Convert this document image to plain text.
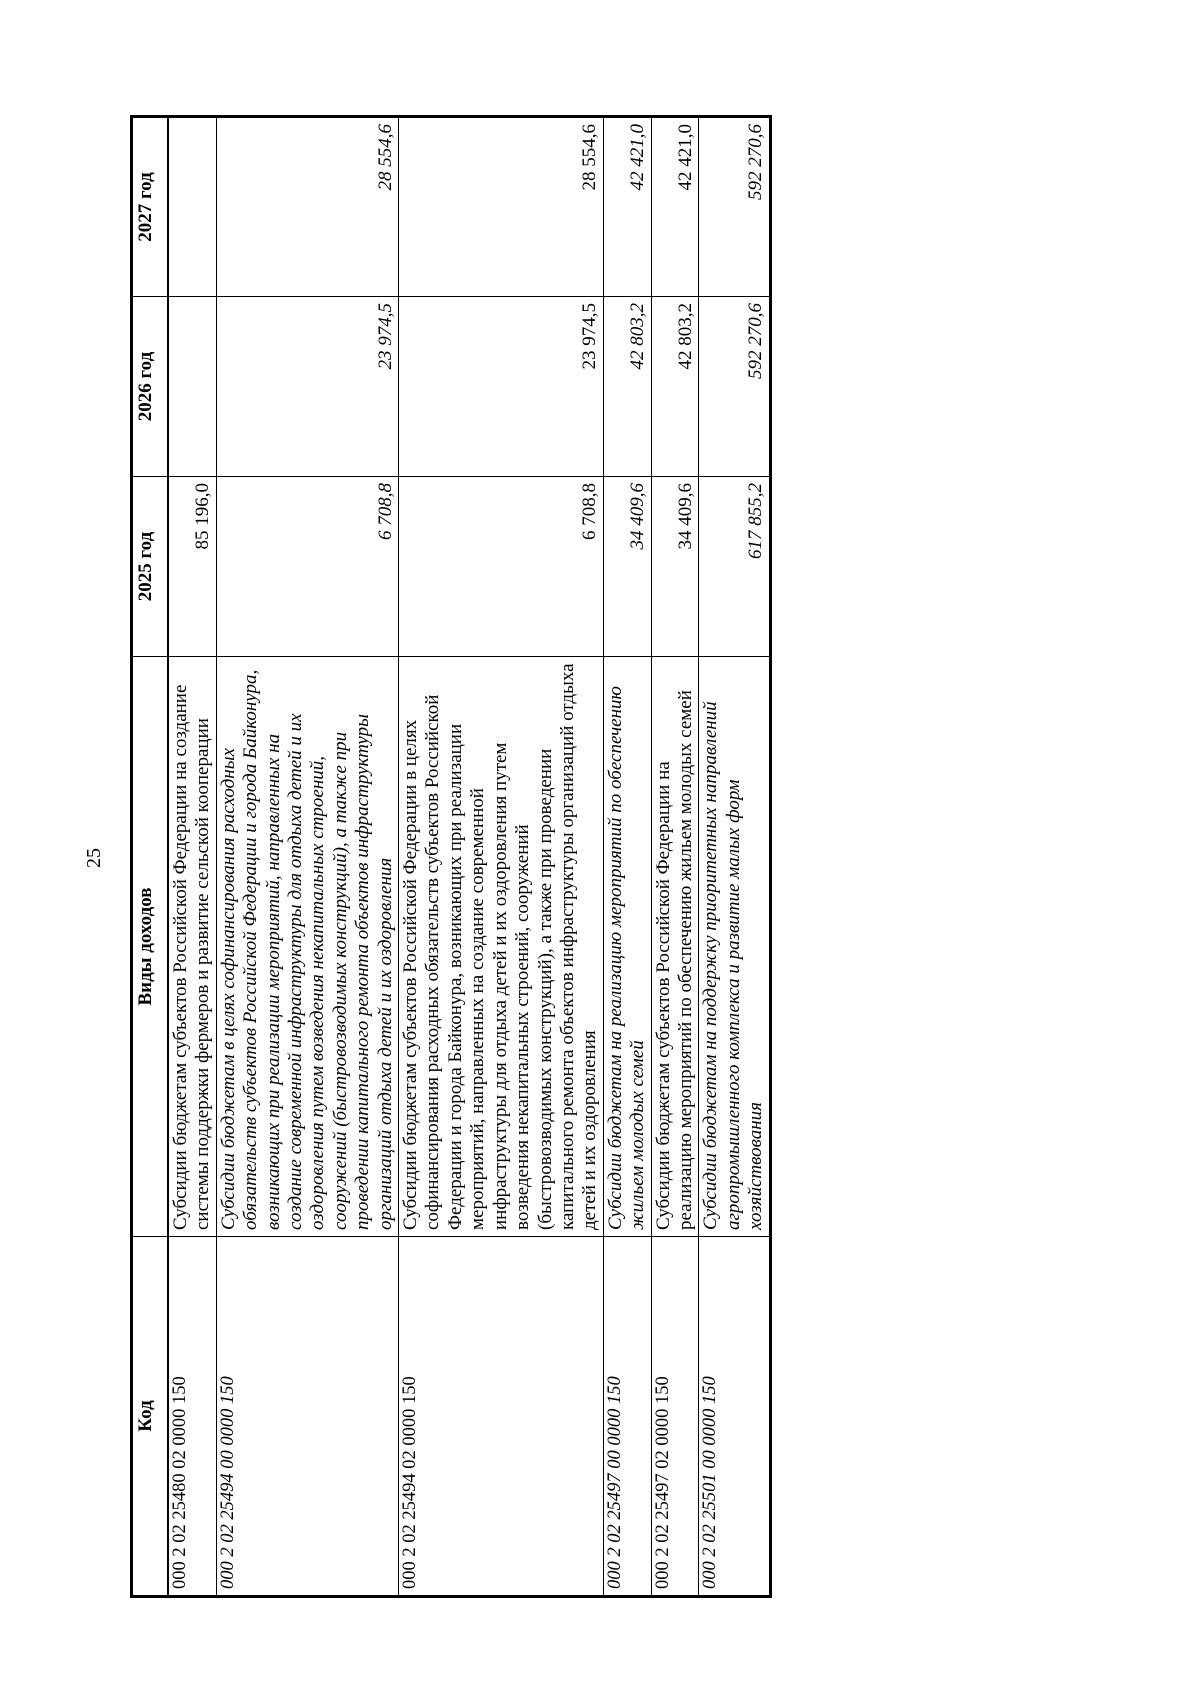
25
Код	Виды доходов	2025 год	2026 год	2027 год
000 2 02 25480 02 0000 150	Субсидии бюджетам субъектов Российской Федерации на создание системы поддержки фермеров и развитие сельской кооперации	85 196,0		
000 2 02 25494 00 0000 150	Субсидии бюджетам в целях софинансирования расходных обязательств субъектов Российской Федерации и города Байконура, возникающих при реализации мероприятий, направленных на создание современной инфраструктуры для отдыха детей и их оздоровления путем возведения некапитальных строений, сооружений (быстровозводимых конструкций), а также при проведении капитального ремонта объектов инфраструктуры организаций отдыха детей и их оздоровления	6 708,8	23 974,5	28 554,6
000 2 02 25494 02 0000 150	Субсидии бюджетам субъектов Российской Федерации в целях софинансирования расходных обязательств субъектов Российской Федерации и города Байконура, возникающих при реализации мероприятий, направленных на создание современной инфраструктуры для отдыха детей и их оздоровления путем возведения некапитальных строений, сооружений (быстровозводимых конструкций), а также при проведении капитального ремонта объектов инфраструктуры организаций отдыха детей и их оздоровления	6 708,8	23 974,5	28 554,6
000 2 02 25497 00 0000 150	Субсидии бюджетам на реализацию мероприятий по обеспечению жильем молодых семей	34 409,6	42 803,2	42 421,0
000 2 02 25497 02 0000 150	Субсидии бюджетам субъектов Российской Федерации на реализацию мероприятий по обеспечению жильем молодых семей	34 409,6	42 803,2	42 421,0
000 2 02 25501 00 0000 150	Субсидии бюджетам на поддержку приоритетных направлений агропромышленного комплекса и развитие малых форм хозяйствования	617 855,2	592 270,6	592 270,6
